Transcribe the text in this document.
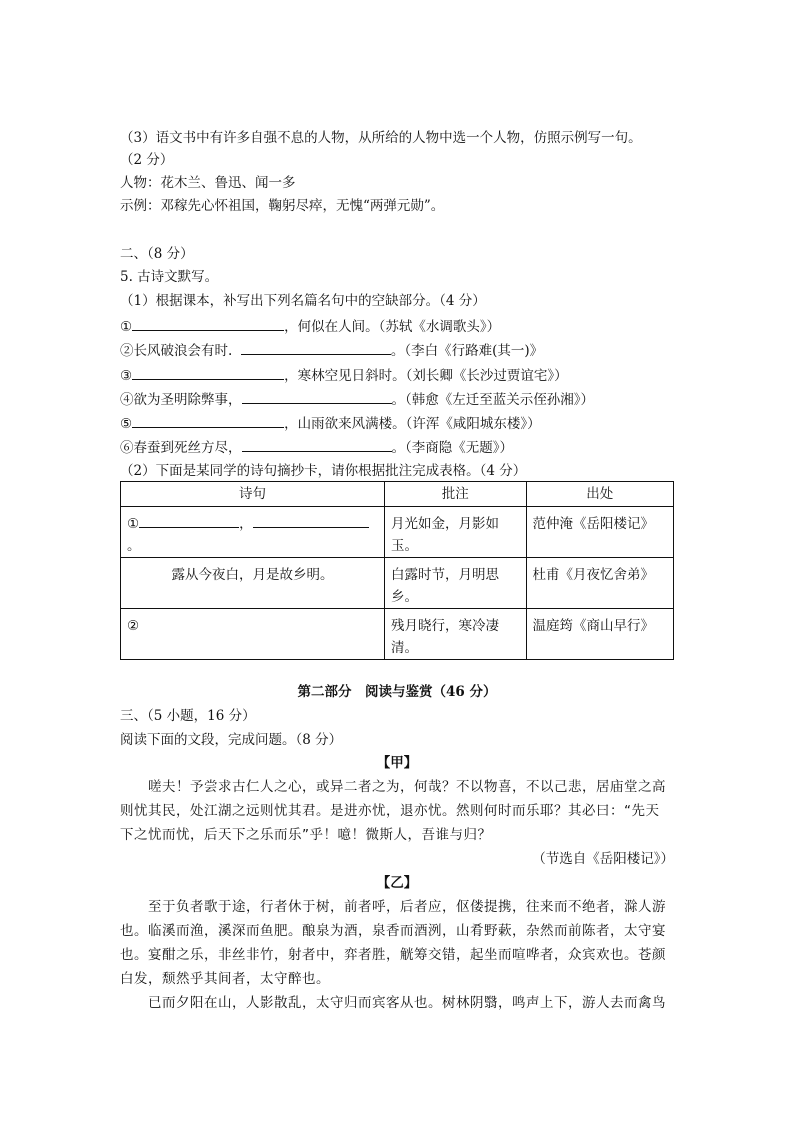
（3）语文书中有许多自强不息的人物，从所给的人物中选一个人物，仿照示例写一句。
（2 分）
人物：花木兰、鲁迅、闻一多
示例：邓稼先心怀祖国，鞠躬尽瘁，无愧“两弹元勋”。
二、（8 分）
5. 古诗文默写。
（1）根据课本，补写出下列名篇名句中的空缺部分。（4 分）
①	，何似在人间。（苏轼《水调歌头》）
②长风破浪会有时.	。（李白《行路难(其一)》
③	，寒林空见日斜时。（刘长卿《长沙过贾谊宅》）
④欲为圣明除弊事，	。（韩愈《左迁至蓝关示侄孙湘》）
⑤	，山雨欲来风满楼。（许浑《咸阳城东楼》）
⑥春蚕到死丝方尽，	。（李商隐《无题》）
（2）下面是某同学的诗句摘抄卡，请你根据批注完成表格。（4 分）
诗句	批注	出处

① ，
。	月光如金，月影如玉。	范仲淹《岳阳楼记》

露从今夜白，月是故乡明。	白露时节，月明思乡。	杜甫《月夜忆舍弟》

②	残月晓行，寒冷凄清。	温庭筠《商山早行》
第二部分　阅读与鉴赏（46 分）
三、（5 小题，16 分）
阅读下面的文段，完成问题。（8 分）
【甲】
嗟夫！予尝求古仁人之心，或异二者之为，何哉？不以物喜，不以己悲，居庙堂之高
则忧其民，处江湖之远则忧其君。是进亦忧，退亦忧。然则何时而乐耶？其必曰：“先天
下之忧而忧，后天下之乐而乐”乎！噫！微斯人，吾谁与归？
（节选自《岳阳楼记》）
【乙】
至于负者歌于途，行者休于树，前者呼，后者应，伛偻提携，往来而不绝者，滁人游
也。临溪而渔，溪深而鱼肥。酿泉为酒，泉香而酒洌，山肴野蔌，杂然而前陈者，太守宴
也。宴酣之乐，非丝非竹，射者中，弈者胜，觥筹交错，起坐而喧哗者，众宾欢也。苍颜
白发，颓然乎其间者，太守醉也。
已而夕阳在山，人影散乱，太守归而宾客从也。树林阴翳，鸣声上下，游人去而禽鸟
